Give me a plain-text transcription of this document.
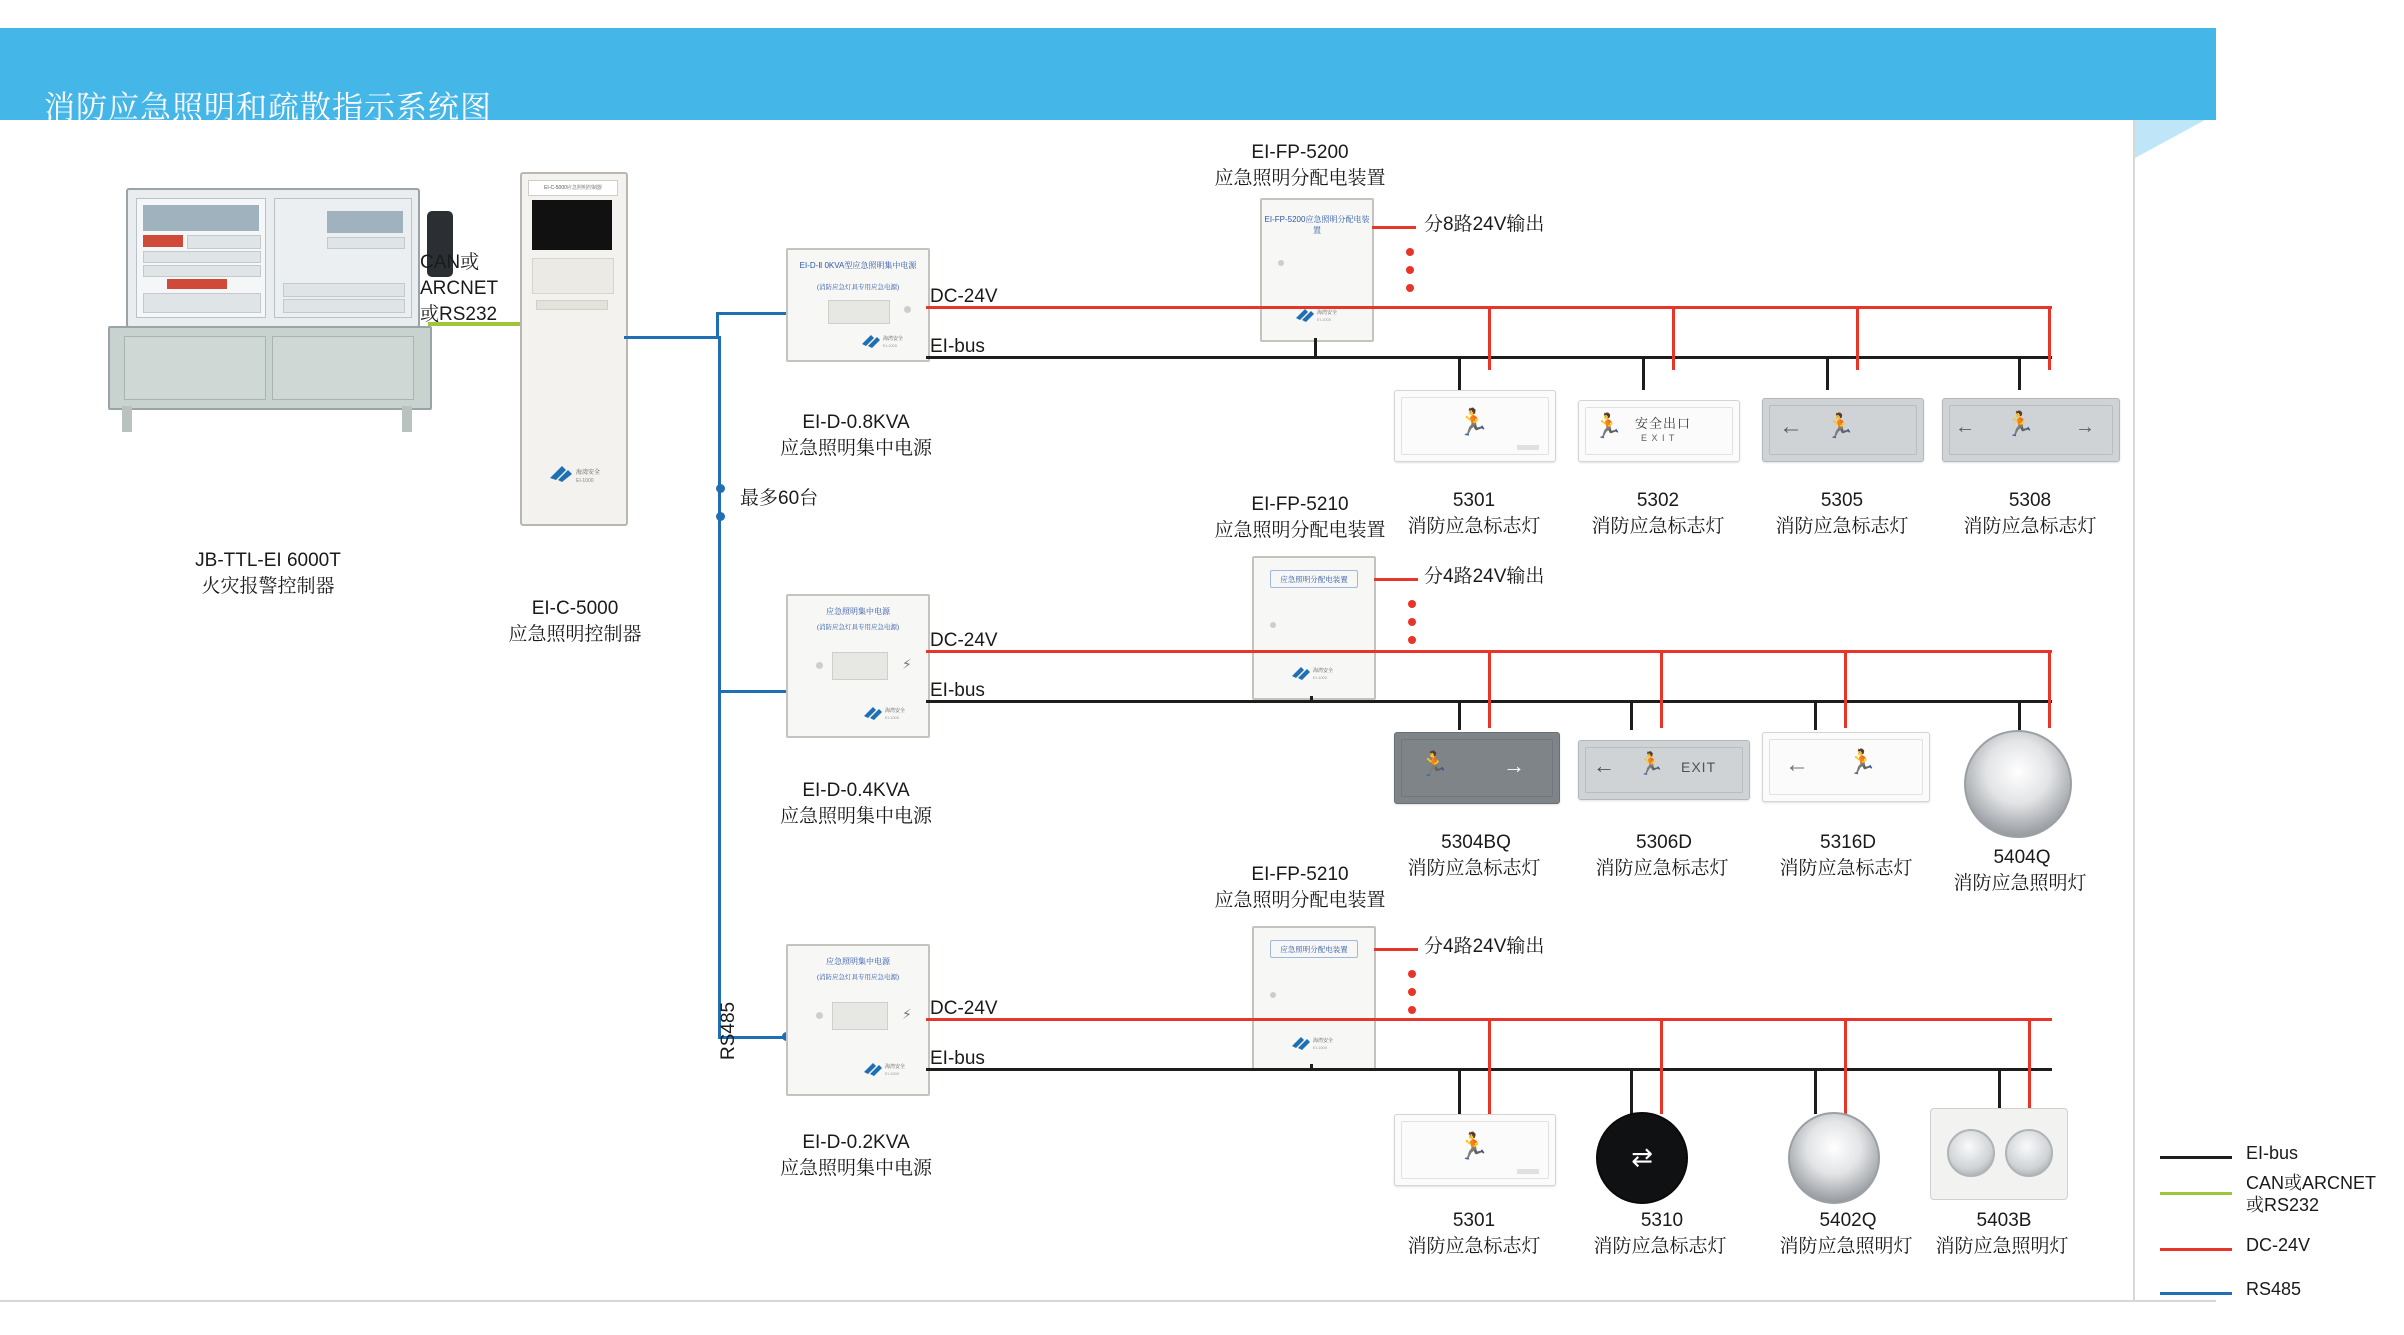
消防应急照明和疏散指示系统图
JB-TTL-EI 6000T
火灾报警控制器
EI-C-5000应急照明控制器
海湾安全
EI-1000
EI-C-5000
应急照明控制器
CAN或
ARCNET
或RS232
RS485
最多60台
EI-D-Ⅱ 0KVA型应急照明集中电源
(消防应急灯具专用应急电源)
海湾安全
EI-1000
EI-D-0.8KVA
应急照明集中电源
应急照明集中电源
(消防应急灯具专用应急电源)
海湾安全
EI-1000
⚡
EI-D-0.4KVA
应急照明集中电源
应急照明集中电源
(消防应急灯具专用应急电源)
海湾安全
EI-1000
⚡
EI-D-0.2KVA
应急照明集中电源
EI-FP-5200
应急照明分配电装置
EI-FP-5200应急照明分配电装置
海湾安全
EI-1000
分8路24V输出
EI-FP-5210
应急照明分配电装置
应急照明分配电装置
海湾安全
EI-1000
分4路24V输出
EI-FP-5210
应急照明分配电装置
应急照明分配电装置
海湾安全
EI-1000
分4路24V输出
DC-24V
EI-bus
🏃
5301
消防应急标志灯
🏃 安全出口
E X I T
5302
消防应急标志灯
← 🏃
5305
消防应急标志灯
← 🏃 →
5308
消防应急标志灯
DC-24V
EI-bus
🏃 →
5304BQ
消防应急标志灯
← 🏃 EXIT
5306D
消防应急标志灯
← 🏃
5316D
消防应急标志灯
5404Q
消防应急照明灯
DC-24V
EI-bus
🏃
5301
消防应急标志灯
⇄
5310
消防应急标志灯
5402Q
消防应急照明灯
5403B
消防应急照明灯
EI-bus
CAN或ARCNET
或RS232
DC-24V
RS485
